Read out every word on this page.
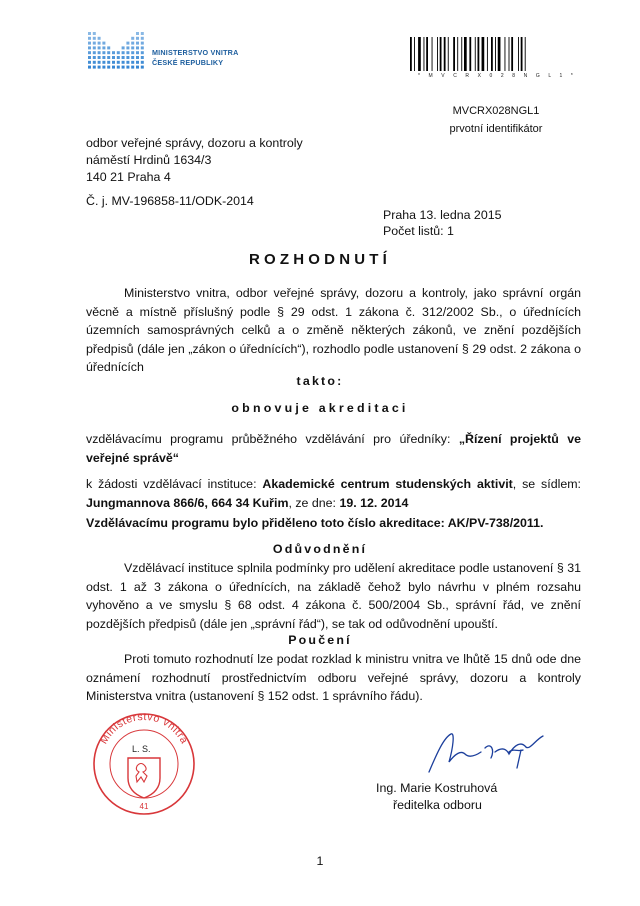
MINISTERSTVO VNITRA
ČESKÉ REPUBLIKY
* M V C R X 0 2 8 N G L 1 *
MVCRX028NGL1
prvotní identifikátor
odbor veřejné správy, dozoru a kontroly
náměstí Hrdinů 1634/3
140 21 Praha 4
Č. j. MV-196858-11/ODK-2014
Praha 13. ledna 2015
Počet listů: 1
ROZHODNUTÍ
Ministerstvo vnitra, odbor veřejné správy, dozoru a kontroly, jako správní orgán věcně a místně příslušný podle § 29 odst. 1 zákona č. 312/2002 Sb., o úřednících územních samosprávných celků a o změně některých zákonů, ve znění pozdějších předpisů (dále jen „zákon o úřednících“), rozhodlo podle ustanovení § 29 odst. 2 zákona o úřednících
takto:
obnovuje akreditaci
vzdělávacímu programu průběžného vzdělávání pro úředníky: „Řízení projektů ve veřejné správě“
k žádosti vzdělávací instituce: Akademické centrum studenských aktivit, se sídlem: Jungmannova 866/6, 664 34 Kuřim, ze dne: 19. 12. 2014
Vzdělávacímu programu bylo přiděleno toto číslo akreditace: AK/PV-738/2011.
Odůvodnění
Vzdělávací instituce splnila podmínky pro udělení akreditace podle ustanovení § 31 odst. 1 až 3 zákona o úřednících, na základě čehož bylo návrhu v plném rozsahu vyhověno a ve smyslu § 68 odst. 4 zákona č. 500/2004 Sb., správní řád, ve znění pozdějších předpisů (dále jen „správní řád“), se tak od odůvodnění upouští.
Poučení
Proti tomuto rozhodnutí lze podat rozklad k ministru vnitra ve lhůtě 15 dnů ode dne oznámení rozhodnutí prostřednictvím odboru veřejné správy, dozoru a kontroly Ministerstva vnitra (ustanovení § 152 odst. 1 správního řádu).
Ministerstvo vnitra
L. S.
41
Ing. Marie Kostruhová
ředitelka odboru
1
